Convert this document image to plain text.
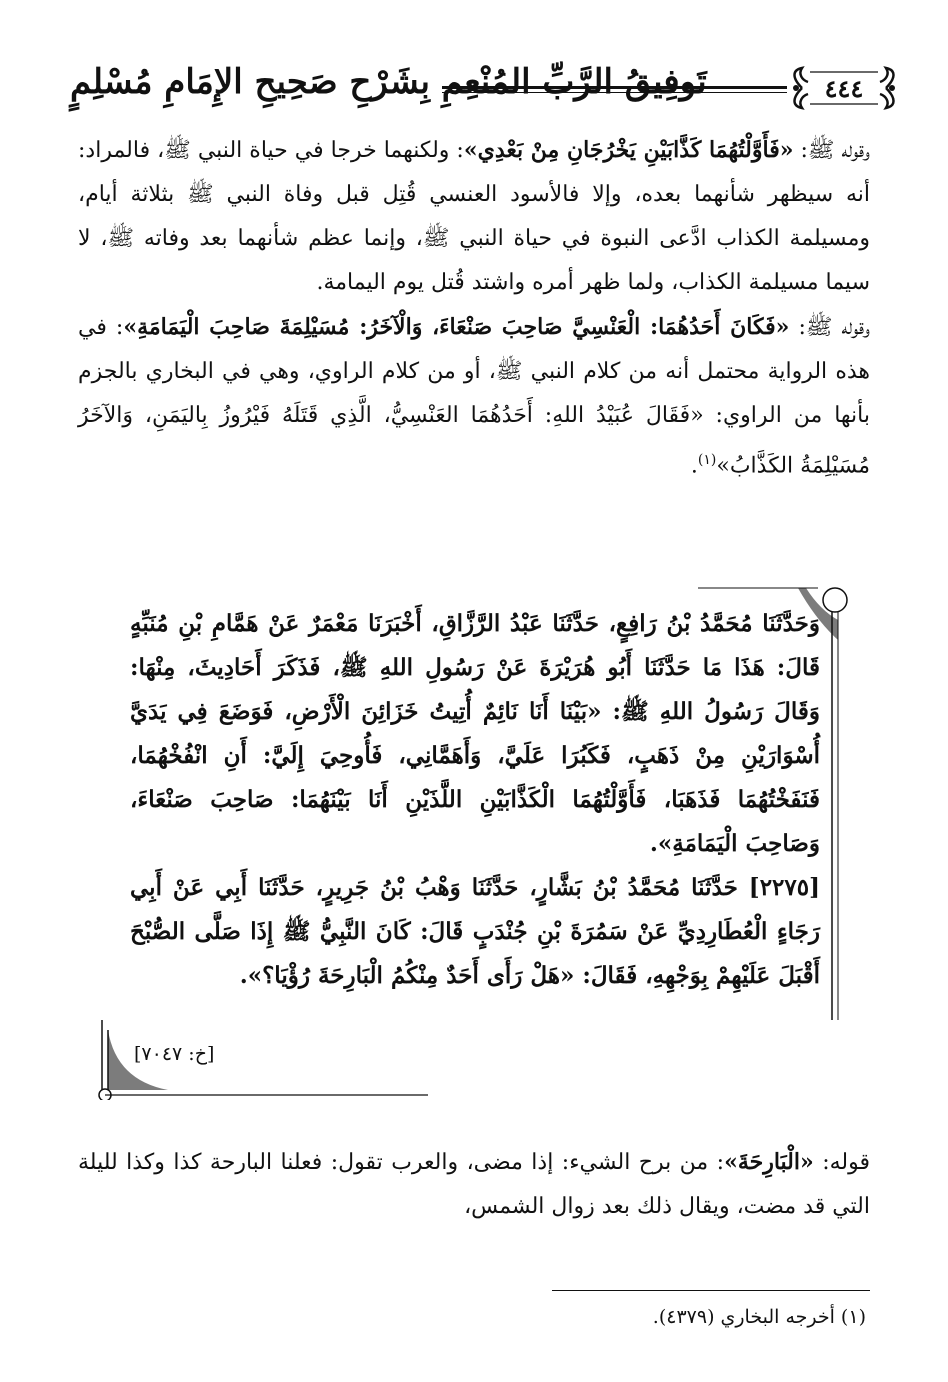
تَوفِيقُ الرَّبِّ المُنْعِمِ بِشَرْحِ صَحِيحِ الإِمَامِ مُسْلِمٍ	٤٤٤

وقوله ﷺ: «فَأَوَّلْتُهُمَا كَذَّابَيْنِ يَخْرُجَانِ مِنْ بَعْدِي»: ولكنهما خرجا في حياة النبي ﷺ، فالمراد: أنه سيظهر شأنهما بعده، وإلا فالأسود العنسي قُتِل قبل وفاة النبي ﷺ بثلاثة أيام، ومسيلمة الكذاب ادَّعى النبوة في حياة النبي ﷺ، وإنما عظم شأنهما بعد وفاته ﷺ، لا سيما مسيلمة الكذاب، ولما ظهر أمره واشتد قُتل يوم اليمامة.

وقوله ﷺ: «فَكَانَ أَحَدُهُمَا: الْعَنْسِيَّ صَاحِبَ صَنْعَاءَ، وَالْآخَرُ: مُسَيْلِمَةَ صَاحِبَ الْيَمَامَةِ»: في هذه الرواية محتمل أنه من كلام النبي ﷺ، أو من كلام الراوي، وهي في البخاري بالجزم بأنها من الراوي: «فَقَالَ عُبَيْدُ اللهِ: أَحَدُهُمَا العَنْسِيُّ، الَّذِي قَتَلَهُ فَيْرُوزُ بِاليَمَنِ، وَالآخَرُ مُسَيْلِمَةُ الكَذَّابُ»$^{(١)}$.

وَحَدَّثَنَا مُحَمَّدُ بْنُ رَافِعٍ، حَدَّثَنَا عَبْدُ الرَّزَّاقِ، أَخْبَرَنَا مَعْمَرٌ عَنْ هَمَّامِ بْنِ مُنَبِّهٍ قَالَ: هَذَا مَا حَدَّثَنَا أَبُو هُرَيْرَةَ عَنْ رَسُولِ اللهِ ﷺ، فَذَكَرَ أَحَادِيثَ، مِنْهَا: وَقَالَ رَسُولُ اللهِ ﷺ: «بَيْنَا أَنَا نَائِمٌ أُتِيتُ خَزَائِنَ الْأَرْضِ، فَوَضَعَ فِي يَدَيَّ أُسْوَارَيْنِ مِنْ ذَهَبٍ، فَكَبُرَا عَلَيَّ، وَأَهَمَّانِي، فَأُوحِيَ إِلَيَّ: أَنِ انْفُخْهُمَا، فَنَفَخْتُهُمَا فَذَهَبَا، فَأَوَّلْتُهُمَا الْكَذَّابَيْنِ اللَّذَيْنِ أَنَا بَيْنَهُمَا: صَاحِبَ صَنْعَاءَ، وَصَاحِبَ الْيَمَامَةِ».

[٢٢٧٥] حَدَّثَنَا مُحَمَّدُ بْنُ بَشَّارٍ، حَدَّثَنَا وَهْبُ بْنُ جَرِيرٍ، حَدَّثَنَا أَبِي عَنْ أَبِي رَجَاءٍ الْعُطَارِدِيِّ عَنْ سَمُرَةَ بْنِ جُنْدَبٍ قَالَ: كَانَ النَّبِيُّ ﷺ إِذَا صَلَّى الصُّبْحَ أَقْبَلَ عَلَيْهِمْ بِوَجْهِهِ، فَقَالَ: «هَلْ رَأَى أَحَدٌ مِنْكُمُ الْبَارِحَةَ رُؤْيَا؟».

[خ: ٧٠٤٧]

قوله: «الْبَارِحَةَ»: من برح الشيء: إذا مضى، والعرب تقول: فعلنا البارحة كذا وكذا لليلة التي قد مضت، ويقال ذلك بعد زوال الشمس،

(١) أخرجه البخاري (٤٣٧٩).
